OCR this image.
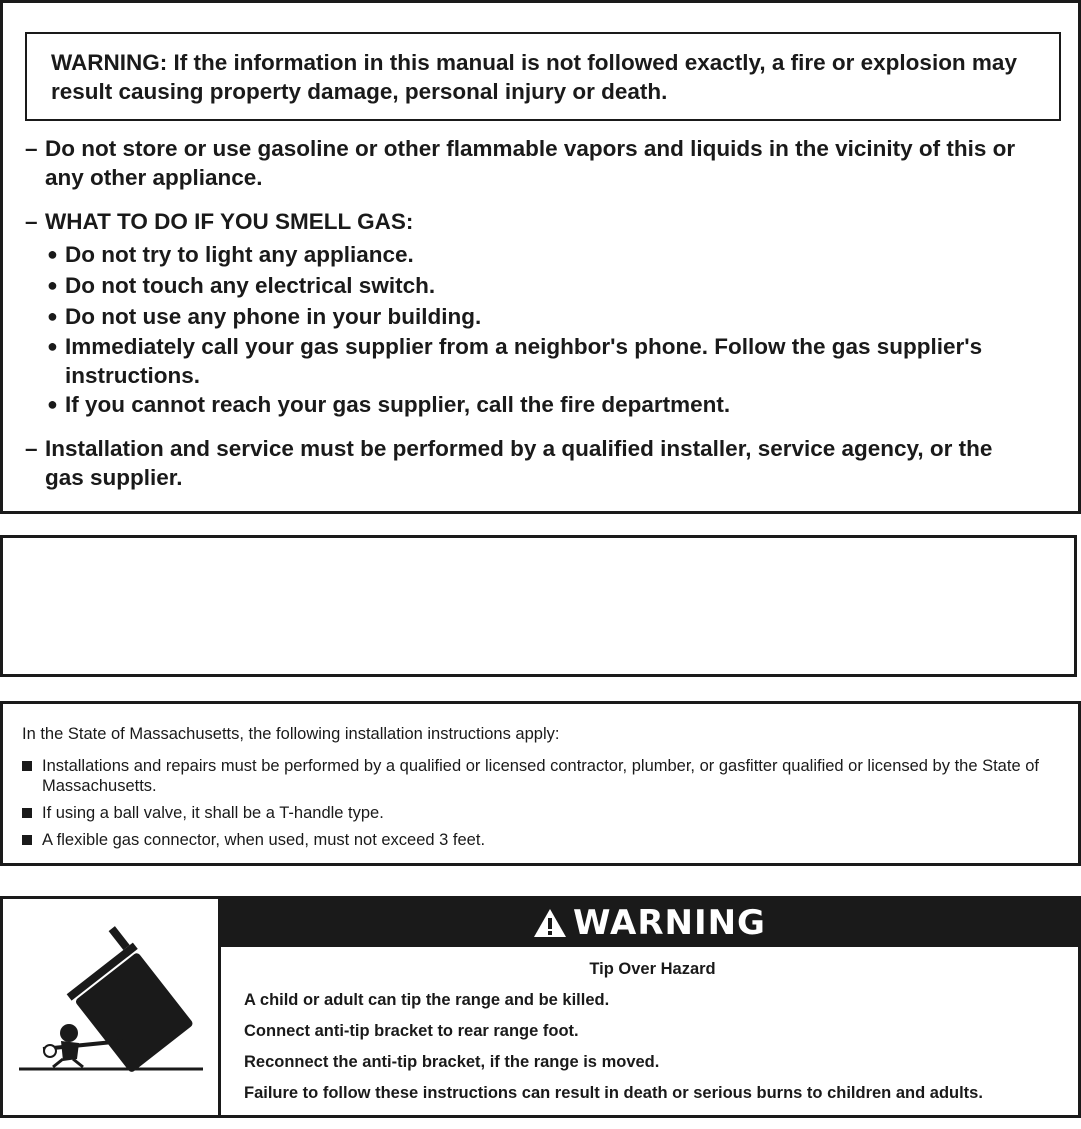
WARNING: If the information in this manual is not followed exactly, a fire or explosion may result causing property damage, personal injury or death.
– Do not store or use gasoline or other flammable vapors and liquids in the vicinity of this or any other appliance.
– WHAT TO DO IF YOU SMELL GAS:
● Do not try to light any appliance.
● Do not touch any electrical switch.
● Do not use any phone in your building.
● Immediately call your gas supplier from a neighbor's phone. Follow the gas supplier's instructions.
● If you cannot reach your gas supplier, call the fire department.
– Installation and service must be performed by a qualified installer, service agency, or the gas supplier.
In the State of Massachusetts, the following installation instructions apply:
Installations and repairs must be performed by a qualified or licensed contractor, plumber, or gasfitter qualified or licensed by the State of Massachusetts.
If using a ball valve, it shall be a T-handle type.
A flexible gas connector, when used, must not exceed 3 feet.
WARNING
Tip Over Hazard
A child or adult can tip the range and be killed.
Connect anti-tip bracket to rear range foot.
Reconnect the anti-tip bracket, if the range is moved.
Failure to follow these instructions can result in death or serious burns to children and adults.
